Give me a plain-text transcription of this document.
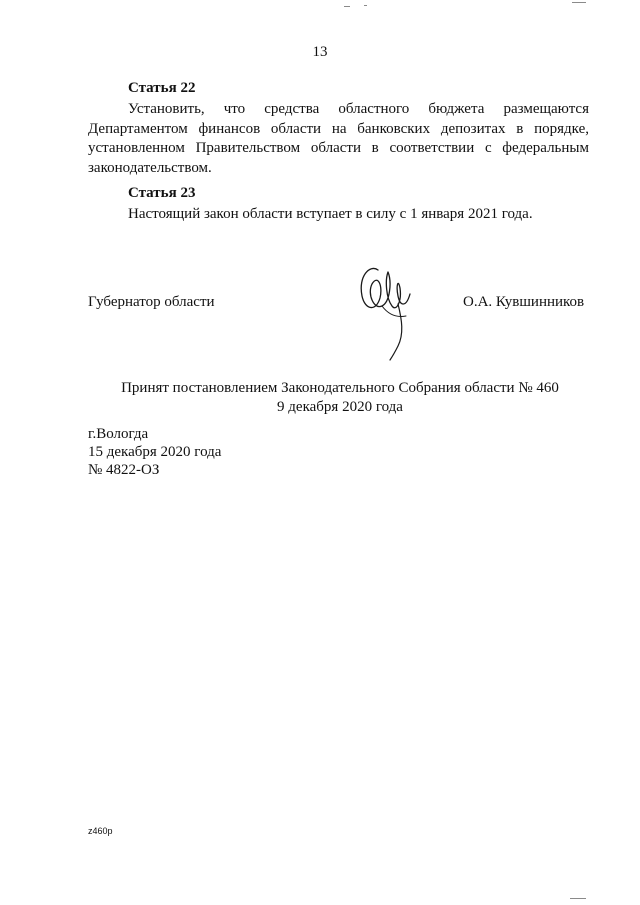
13
Статья 22
Установить, что средства областного бюджета размещаются Департаментом финансов области на банковских депозитах в порядке, установленном Правительством области в соответствии с федеральным законодательством.
Статья 23
Настоящий закон области вступает в силу с 1 января 2021 года.
Губернатор области	О.А. Кувшинников
Принят постановлением Законодательного Собрания области № 460
9 декабря 2020 года
г.Вологда
15 декабря 2020 года
№ 4822-ОЗ
z460p
